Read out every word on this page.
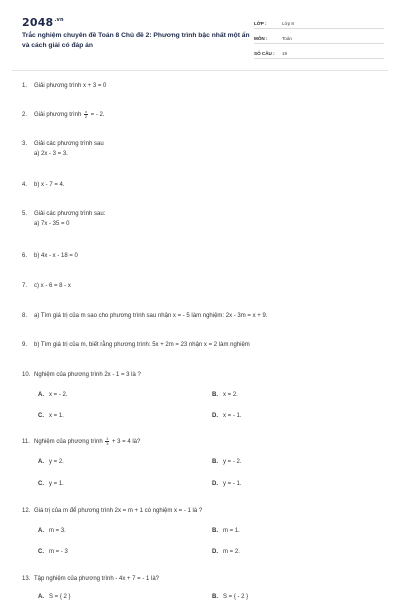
$2048^{.vn}$
Trắc nghiệm chuyên đề Toán 8 Chủ đề 2: Phương trình bậc nhất một ẩn và cách giải có đáp án
LỚP :	Lớp 8
MÔN :	Toán
SỐ CÂU :	19
1. Giải phương trình x + 3 = 0
2. Giải phương trình $\frac{x}{2}$ = - 2.
3. Giải các phương trình sau
a) 2x - 3 = 3.
4. b) x - 7 = 4.
5. Giải các phương trình sau:
a) 7x - 35 = 0
6. b) 4x - x - 18 = 0
7. c) x - 6 = 8 - x
8. a) Tìm giá trị của m sao cho phương trình sau nhận x = - 5 làm nghiệm: 2x - 3m = x + 9.
9. b) Tìm giá trị của m, biết rằng phương trình: 5x + 2m = 23 nhận x = 2 làm nghiệm
10. Nghiệm của phương trình 2x - 1 = 3 là ?
A. x = - 2.	B. x = 2.
C. x = 1.	D. x = - 1.
11. Nghiệm của phương trình $\frac{1}{3} + 3 = 4$ là?
A. y = 2.	B. y = - 2.
C. y = 1.	D. y = - 1.
12. Giá trị của m để phương trình 2x = m + 1 có nghiệm x = - 1 là ?
A. m = 3.	B. m = 1.
C. m = - 3	D. m = 2.
13. Tập nghiệm của phương trình - 4x + 7 = - 1 là?
A. S = { 2 }	B. S = { - 2 }
